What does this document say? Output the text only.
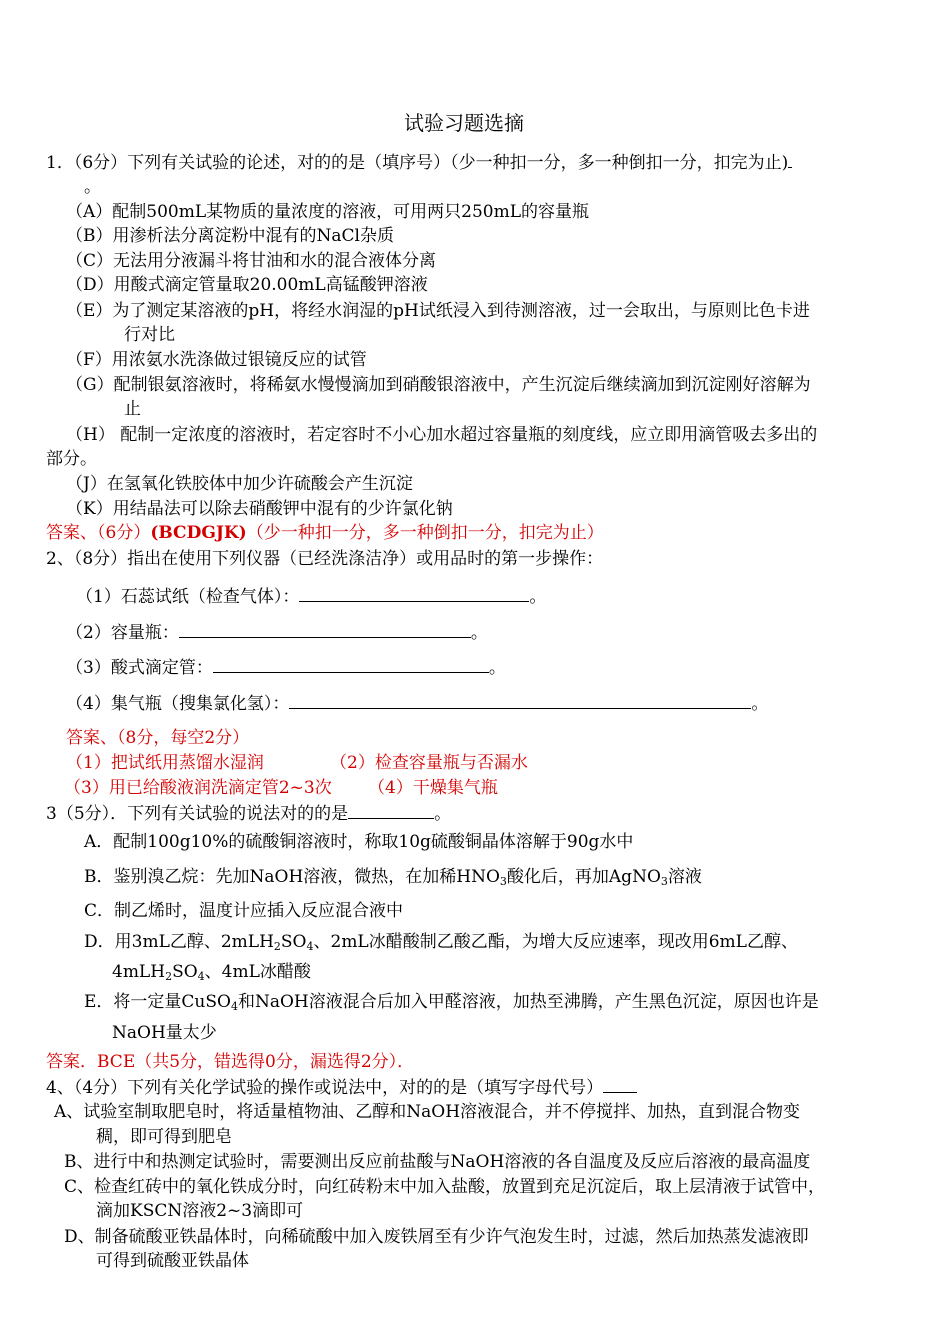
试验习题选摘
1．（6分）下列有关试验的论述，对的的是（填序号）（少一种扣一分，多一种倒扣一分，扣完为止)
。
（A）配制500mL某物质的量浓度的溶液，可用两只250mL的容量瓶
（B）用渗析法分离淀粉中混有的NaCl杂质
（C）无法用分液漏斗将甘油和水的混合液体分离
（D）用酸式滴定管量取20.00mL高锰酸钾溶液
（E）为了测定某溶液的pH，将经水润湿的pH试纸浸入到待测溶液，过一会取出，与原则比色卡进
行对比
（F）用浓氨水洗涤做过银镜反应的试管
（G）配制银氨溶液时，将稀氨水慢慢滴加到硝酸银溶液中，产生沉淀后继续滴加到沉淀刚好溶解为
止
（H） 配制一定浓度的溶液时，若定容时不小心加水超过容量瓶的刻度线，应立即用滴管吸去多出的
部分。
（J）在氢氧化铁胶体中加少许硫酸会产生沉淀
（K）用结晶法可以除去硝酸钾中混有的少许氯化钠
答案、（6分）(BCDGJK)（少一种扣一分，多一种倒扣一分，扣完为止）
2、（8分）指出在使用下列仪器（已经洗涤洁净）或用品时的第一步操作：
（1）石蕊试纸（检查气体）：	。
（2）容量瓶：	。
（3）酸式滴定管：	。
（4）集气瓶（搜集氯化氢）：	。
答案、（8分，每空2分）
（1）把试纸用蒸馏水湿润	（2）检查容量瓶与否漏水
（3）用已给酸液润洗滴定管2~3次 （4）干燥集气瓶
3（5分）．下列有关试验的说法对的的是	。
A．配制100g10%的硫酸铜溶液时，称取10g硫酸铜晶体溶解于90g水中
B．鉴别溴乙烷：先加NaOH溶液，微热，在加稀$HNO_3$酸化后，再加AgNO$_3$溶液
C．制乙烯时，温度计应插入反应混合液中
D．用3mL乙醇、$2mLH_2SO_4$、2mL冰醋酸制乙酸乙酯，为增大反应速率，现改用6mL乙醇、
$4mLH_2SO_4$、4mL冰醋酸
E．将一定量CuSO$_4$和NaOH溶液混合后加入甲醛溶液，加热至沸腾，产生黑色沉淀，原因也许是
NaOH量太少
答案．BCE（共5分，错选得0分，漏选得2分）．
4、（4分）下列有关化学试验的操作或说法中，对的的是（填写字母代号）
A、试验室制取肥皂时，将适量植物油、乙醇和NaOH溶液混合，并不停搅拌、加热，直到混合物变
稠，即可得到肥皂
B、进行中和热测定试验时，需要测出反应前盐酸与NaOH溶液的各自温度及反应后溶液的最高温度
C、检查红砖中的氧化铁成分时，向红砖粉末中加入盐酸，放置到充足沉淀后，取上层清液于试管中，
滴加KSCN溶液2~3滴即可
D、制备硫酸亚铁晶体时，向稀硫酸中加入废铁屑至有少许气泡发生时，过滤，然后加热蒸发滤液即
可得到硫酸亚铁晶体
